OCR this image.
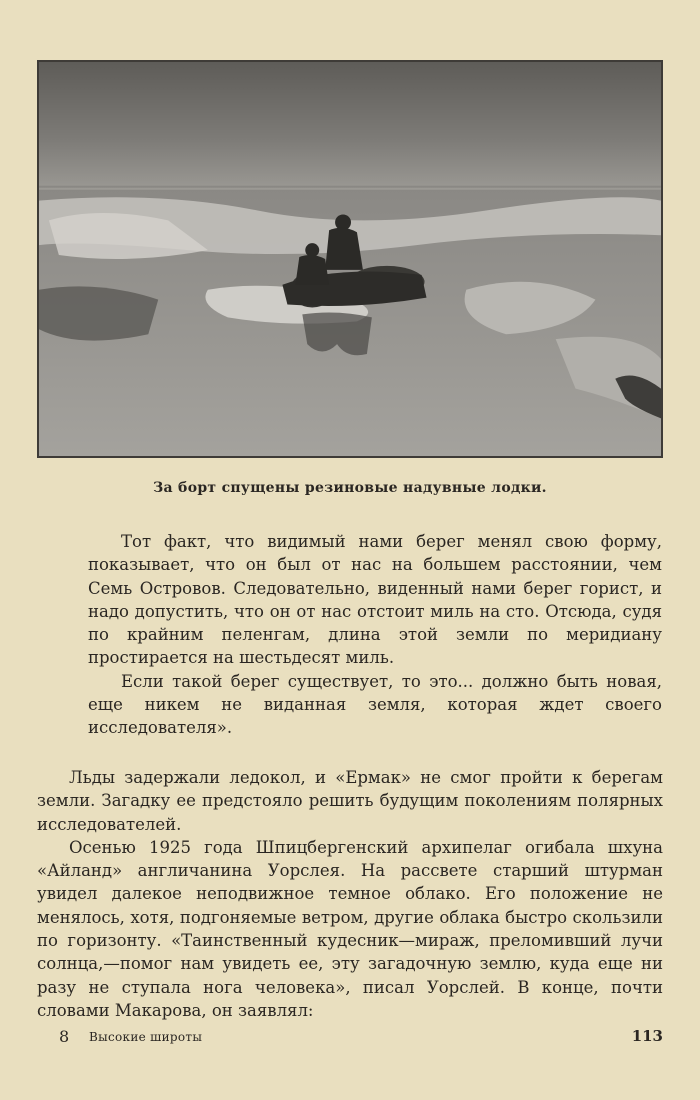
За борт спущены резиновые надувные лодки.

Тот факт, что видимый нами берег менял свою форму, показывает, что он был от нас на большем расстоянии, чем Семь Островов. Следовательно, виденный нами берег горист, и надо допустить, что он от нас отстоит миль на сто. Отсюда, судя по крайним пеленгам, длина этой земли по меридиану простирается на шестьдесят миль.

Если такой берег существует, то это... должно быть новая, еще никем не виданная земля, которая ждет своего исследователя».

Льды задержали ледокол, и «Ермак» не смог пройти к берегам земли. Загадку ее предстояло решить будущим поколениям полярных исследователей.

Осенью 1925 года Шпицбергенский архипелаг огибала шхуна «Айланд» англичанина Уорслея. На рассвете старший штурман увидел далекое неподвижное темное облако. Его положение не менялось, хотя, подгоняемые ветром, другие облака быстро скользили по горизонту. «Таинственный кудесник—мираж, преломивший лучи солнца,—помог нам увидеть ее, эту загадочную землю, куда еще ни разу не ступала нога человека», писал Уорслей. В конце, почти словами Макарова, он заявлял:

8 Высокие широты	113
